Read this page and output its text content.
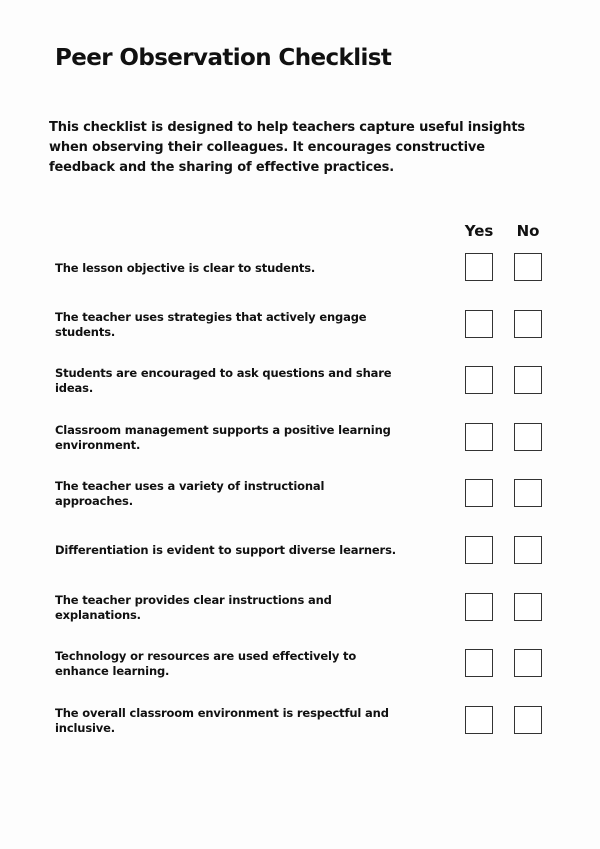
Peer Observation Checklist

This checklist is designed to help teachers capture useful insights when observing their colleagues. It encourages constructive feedback and the sharing of effective practices.

Yes	No
The lesson objective is clear to students.
The teacher uses strategies that actively engage students.
Students are encouraged to ask questions and share ideas.
Classroom management supports a positive learning environment.
The teacher uses a variety of instructional approaches.
Differentiation is evident to support diverse learners.
The teacher provides clear instructions and explanations.
Technology or resources are used effectively to enhance learning.
The overall classroom environment is respectful and inclusive.
